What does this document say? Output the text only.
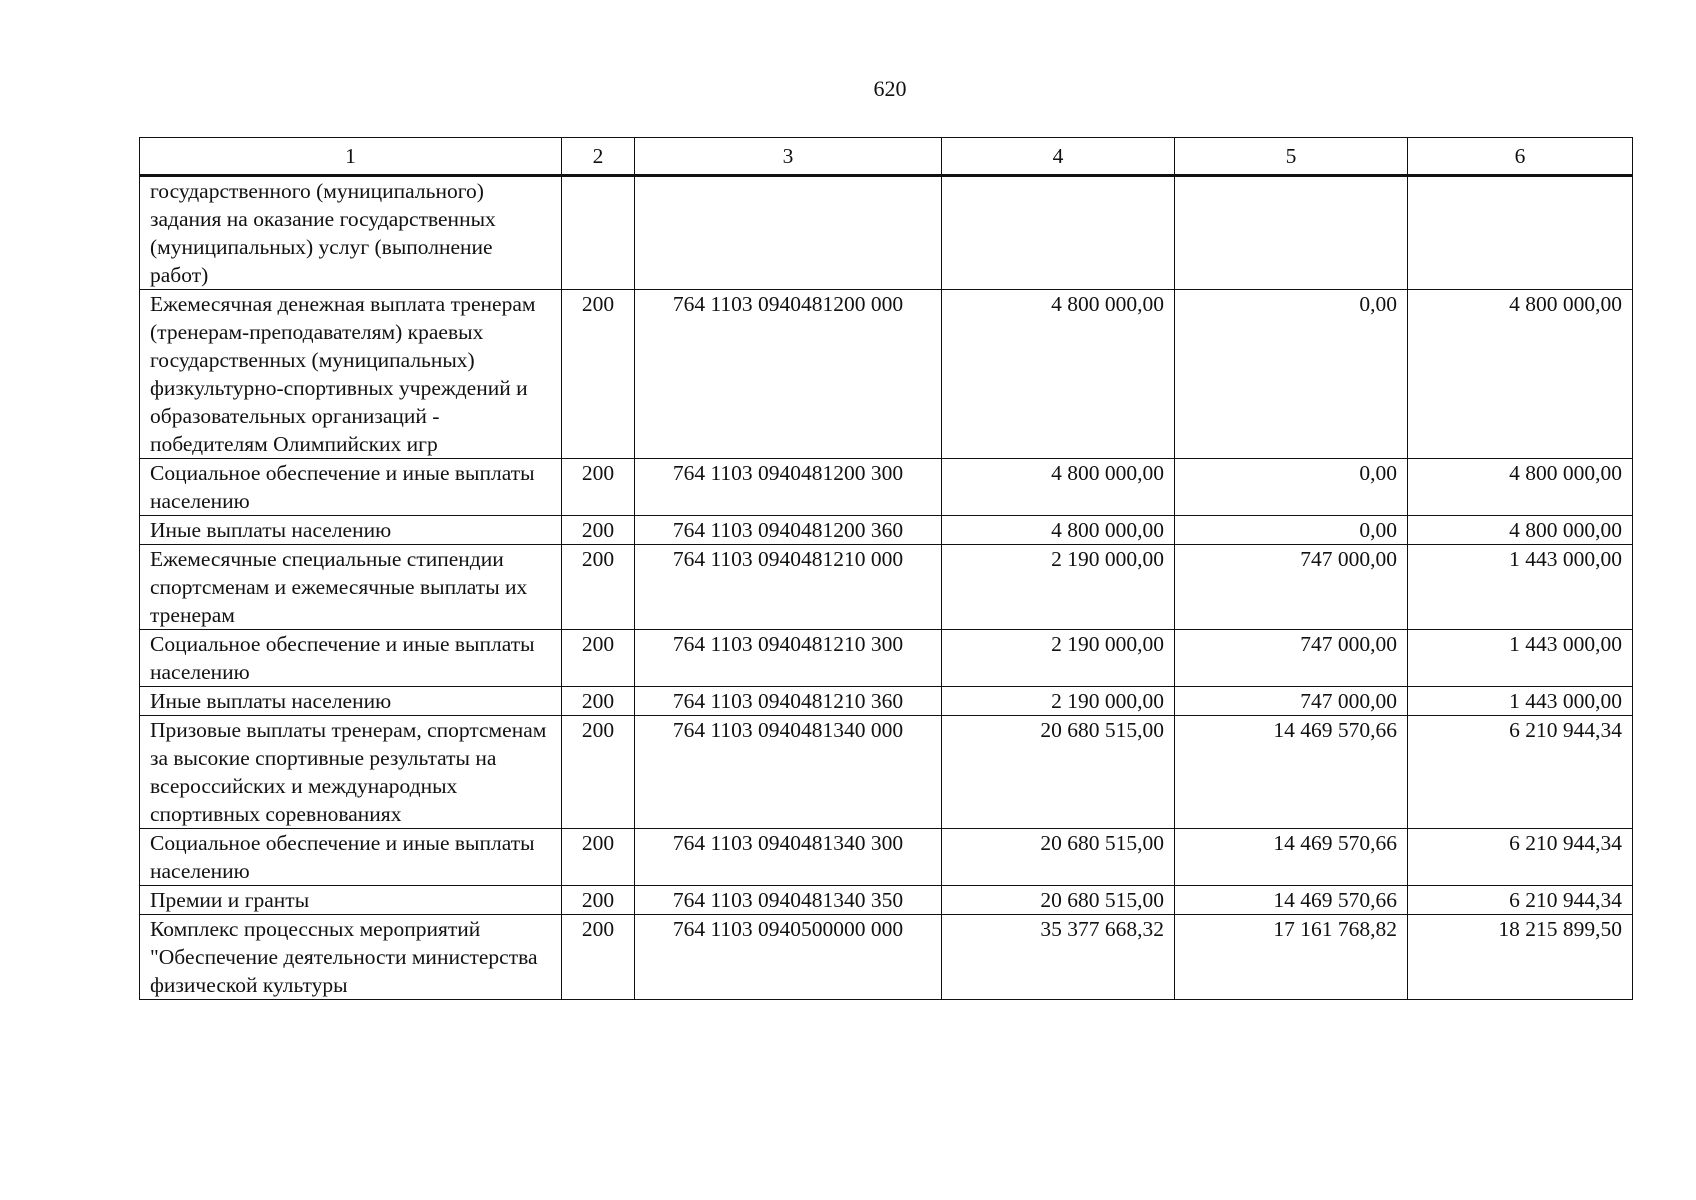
620
1	2	3	4	5	6
государственного (муниципального) задания на оказание государственных (муниципальных) услуг (выполнение работ)					
Ежемесячная денежная выплата тренерам (тренерам-преподавателям) краевых государственных (муниципальных) физкультурно-спортивных учреждений и образовательных организаций - победителям Олимпийских игр	200	764 1103 0940481200 000	4 800 000,00	0,00	4 800 000,00
Социальное обеспечение и иные выплаты населению	200	764 1103 0940481200 300	4 800 000,00	0,00	4 800 000,00
Иные выплаты населению	200	764 1103 0940481200 360	4 800 000,00	0,00	4 800 000,00
Ежемесячные специальные стипендии спортсменам и ежемесячные выплаты их тренерам	200	764 1103 0940481210 000	2 190 000,00	747 000,00	1 443 000,00
Социальное обеспечение и иные выплаты населению	200	764 1103 0940481210 300	2 190 000,00	747 000,00	1 443 000,00
Иные выплаты населению	200	764 1103 0940481210 360	2 190 000,00	747 000,00	1 443 000,00
Призовые выплаты тренерам, спортсменам за высокие спортивные результаты на всероссийских и международных спортивных соревнованиях	200	764 1103 0940481340 000	20 680 515,00	14 469 570,66	6 210 944,34
Социальное обеспечение и иные выплаты населению	200	764 1103 0940481340 300	20 680 515,00	14 469 570,66	6 210 944,34
Премии и гранты	200	764 1103 0940481340 350	20 680 515,00	14 469 570,66	6 210 944,34
Комплекс процессных мероприятий "Обеспечение деятельности министерства физической культуры	200	764 1103 0940500000 000	35 377 668,32	17 161 768,82	18 215 899,50
